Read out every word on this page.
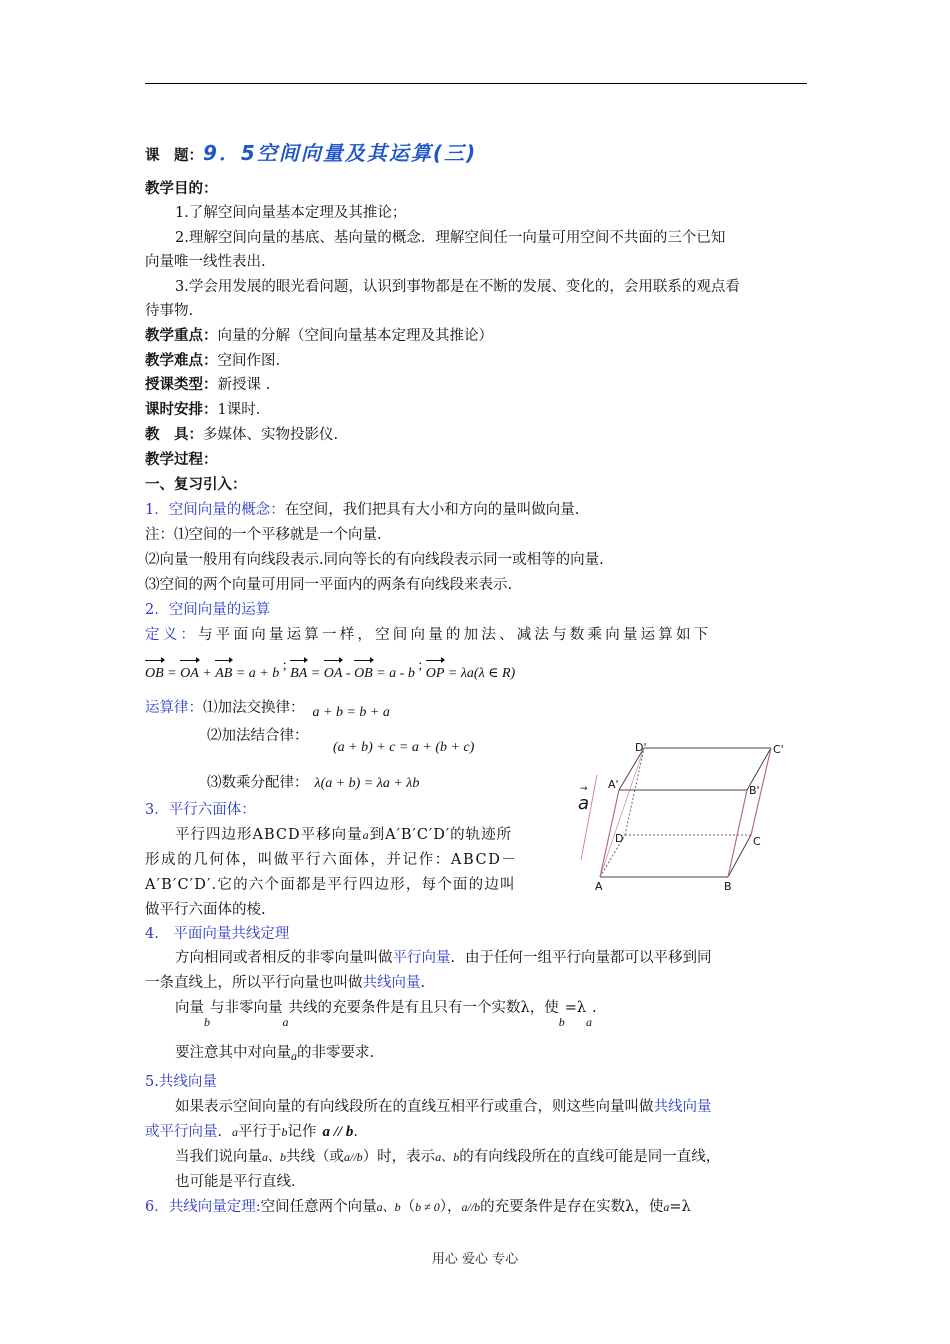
课　题：9．5空间向量及其运算(三)
教学目的：
1.了解空间向量基本定理及其推论；
2.理解空间向量的基底、基向量的概念．理解空间任一向量可用空间不共面的三个已知
向量唯一线性表出.
3.学会用发展的眼光看问题，认识到事物都是在不断的发展、变化的，会用联系的观点看
待事物.
教学重点：向量的分解（空间向量基本定理及其推论）
教学难点：空间作图.
授课类型：新授课 .
课时安排：1课时.
教　具：多媒体、实物投影仪.
教学过程：
一、复习引入：
1．空间向量的概念：在空间，我们把具有大小和方向的量叫做向量.
注：⑴空间的一个平移就是一个向量.
⑵向量一般用有向线段表示.同向等长的有向线段表示同一或相等的向量.
⑶空间的两个向量可用同一平面内的两条有向线段来表示.
2．空间向量的运算
定义：与平面向量运算一样，空间向量的加法、减法与数乘向量运算如下
OB = OA + AB = a + b ; BA = OA - OB = a - b ; OP = λa(λ ∈ R)
运算律：⑴加法交换律： a + b = b + a
⑵加法结合律：
(a + b) + c = a + (b + c)
⑶数乘分配律： λ(a + b) = λa + λb
a
→
A	B
C
D
A'	B'
C'
D'
3．平行六面体：
平行四边形ABCD平移向量a到A′B′C′D′的轨迹所
形成的几何体，叫做平行六面体，并记作：ABCD－
A′B′C′D′.它的六个面都是平行四边形，每个面的边叫
做平行六面体的棱.
4.　平面向量共线定理
方向相同或者相反的非零向量叫做平行向量．由于任何一组平行向量都可以平移到同
一条直线上，所以平行向量也叫做共线向量．
向量$_b$与非零向量$_a$共线的充要条件是有且只有一个实数λ，使$_b=\lambda_a$.
要注意其中对向量$_a$的非零要求.
5.共线向量
如果表示空间向量的有向线段所在的直线互相平行或重合，则这些向量叫做共线向量
或平行向量．a平行于b记作 a // b．
当我们说向量a、b共线（或a//b）时，表示a、b的有向线段所在的直线可能是同一直线，
也可能是平行直线．
6．共线向量定理:空间任意两个向量a、b（b ≠ 0），a//b的充要条件是存在实数λ，使a=λ
用心 爱心 专心
